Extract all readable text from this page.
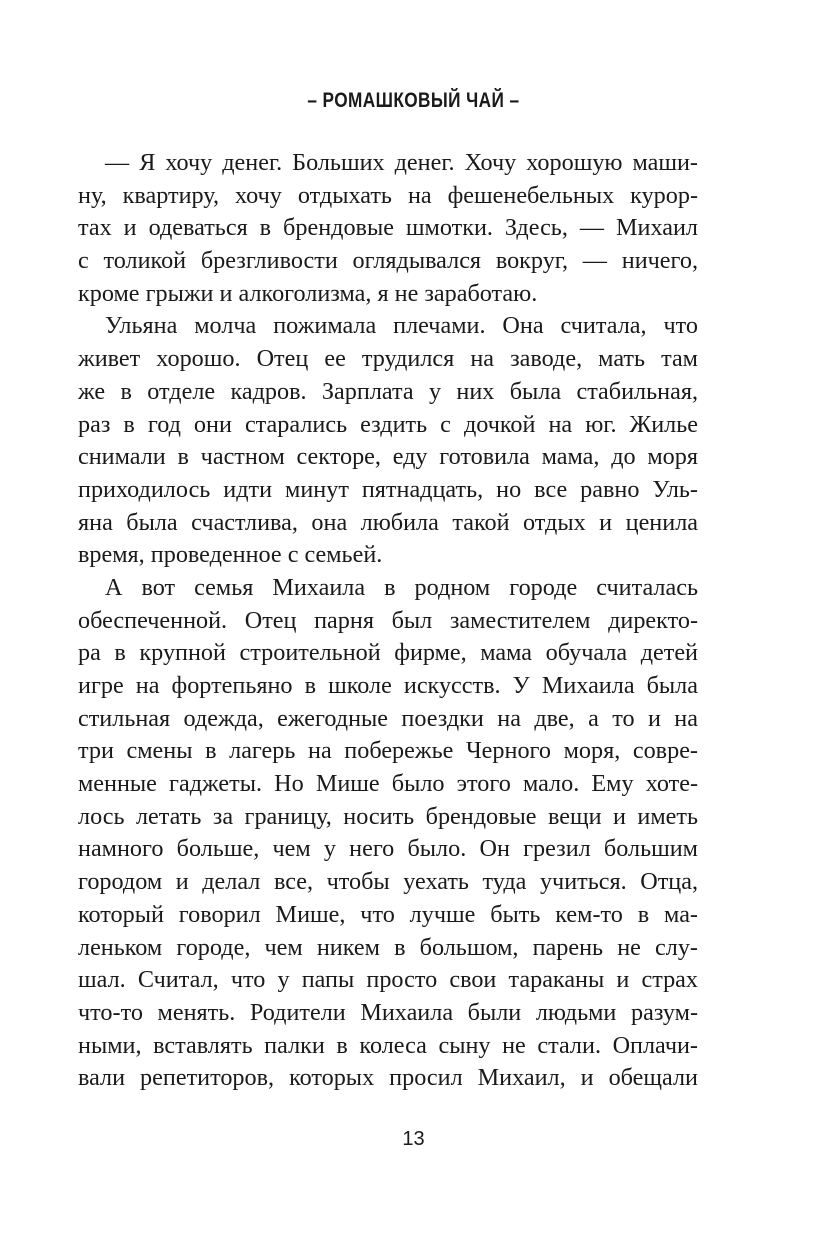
– РОМАШКОВЫЙ ЧАЙ –
— Я хочу денег. Больших денег. Хочу хорошую маши-
ну, квартиру, хочу отдыхать на фешенебельных курор-
тах и одеваться в брендовые шмотки. Здесь, — Михаил
с толикой брезгливости оглядывался вокруг, — ничего,
кроме грыжи и алкоголизма, я не заработаю.
Ульяна молча пожимала плечами. Она считала, что
живет хорошо. Отец ее трудился на заводе, мать там
же в отделе кадров. Зарплата у них была стабильная,
раз в год они старались ездить с дочкой на юг. Жилье
снимали в частном секторе, еду готовила мама, до моря
приходилось идти минут пятнадцать, но все равно Уль-
яна была счастлива, она любила такой отдых и ценила
время, проведенное с семьей.
А вот семья Михаила в родном городе считалась
обеспеченной. Отец парня был заместителем директо-
ра в крупной строительной фирме, мама обучала детей
игре на фортепьяно в школе искусств. У Михаила была
стильная одежда, ежегодные поездки на две, а то и на
три смены в лагерь на побережье Черного моря, совре-
менные гаджеты. Но Мише было этого мало. Ему хоте-
лось летать за границу, носить брендовые вещи и иметь
намного больше, чем у него было. Он грезил большим
городом и делал все, чтобы уехать туда учиться. Отца,
который говорил Мише, что лучше быть кем-то в ма-
леньком городе, чем никем в большом, парень не слу-
шал. Считал, что у папы просто свои тараканы и страх
что-то менять. Родители Михаила были людьми разум-
ными, вставлять палки в колеса сыну не стали. Оплачи-
вали репетиторов, которых просил Михаил, и обещали
13
